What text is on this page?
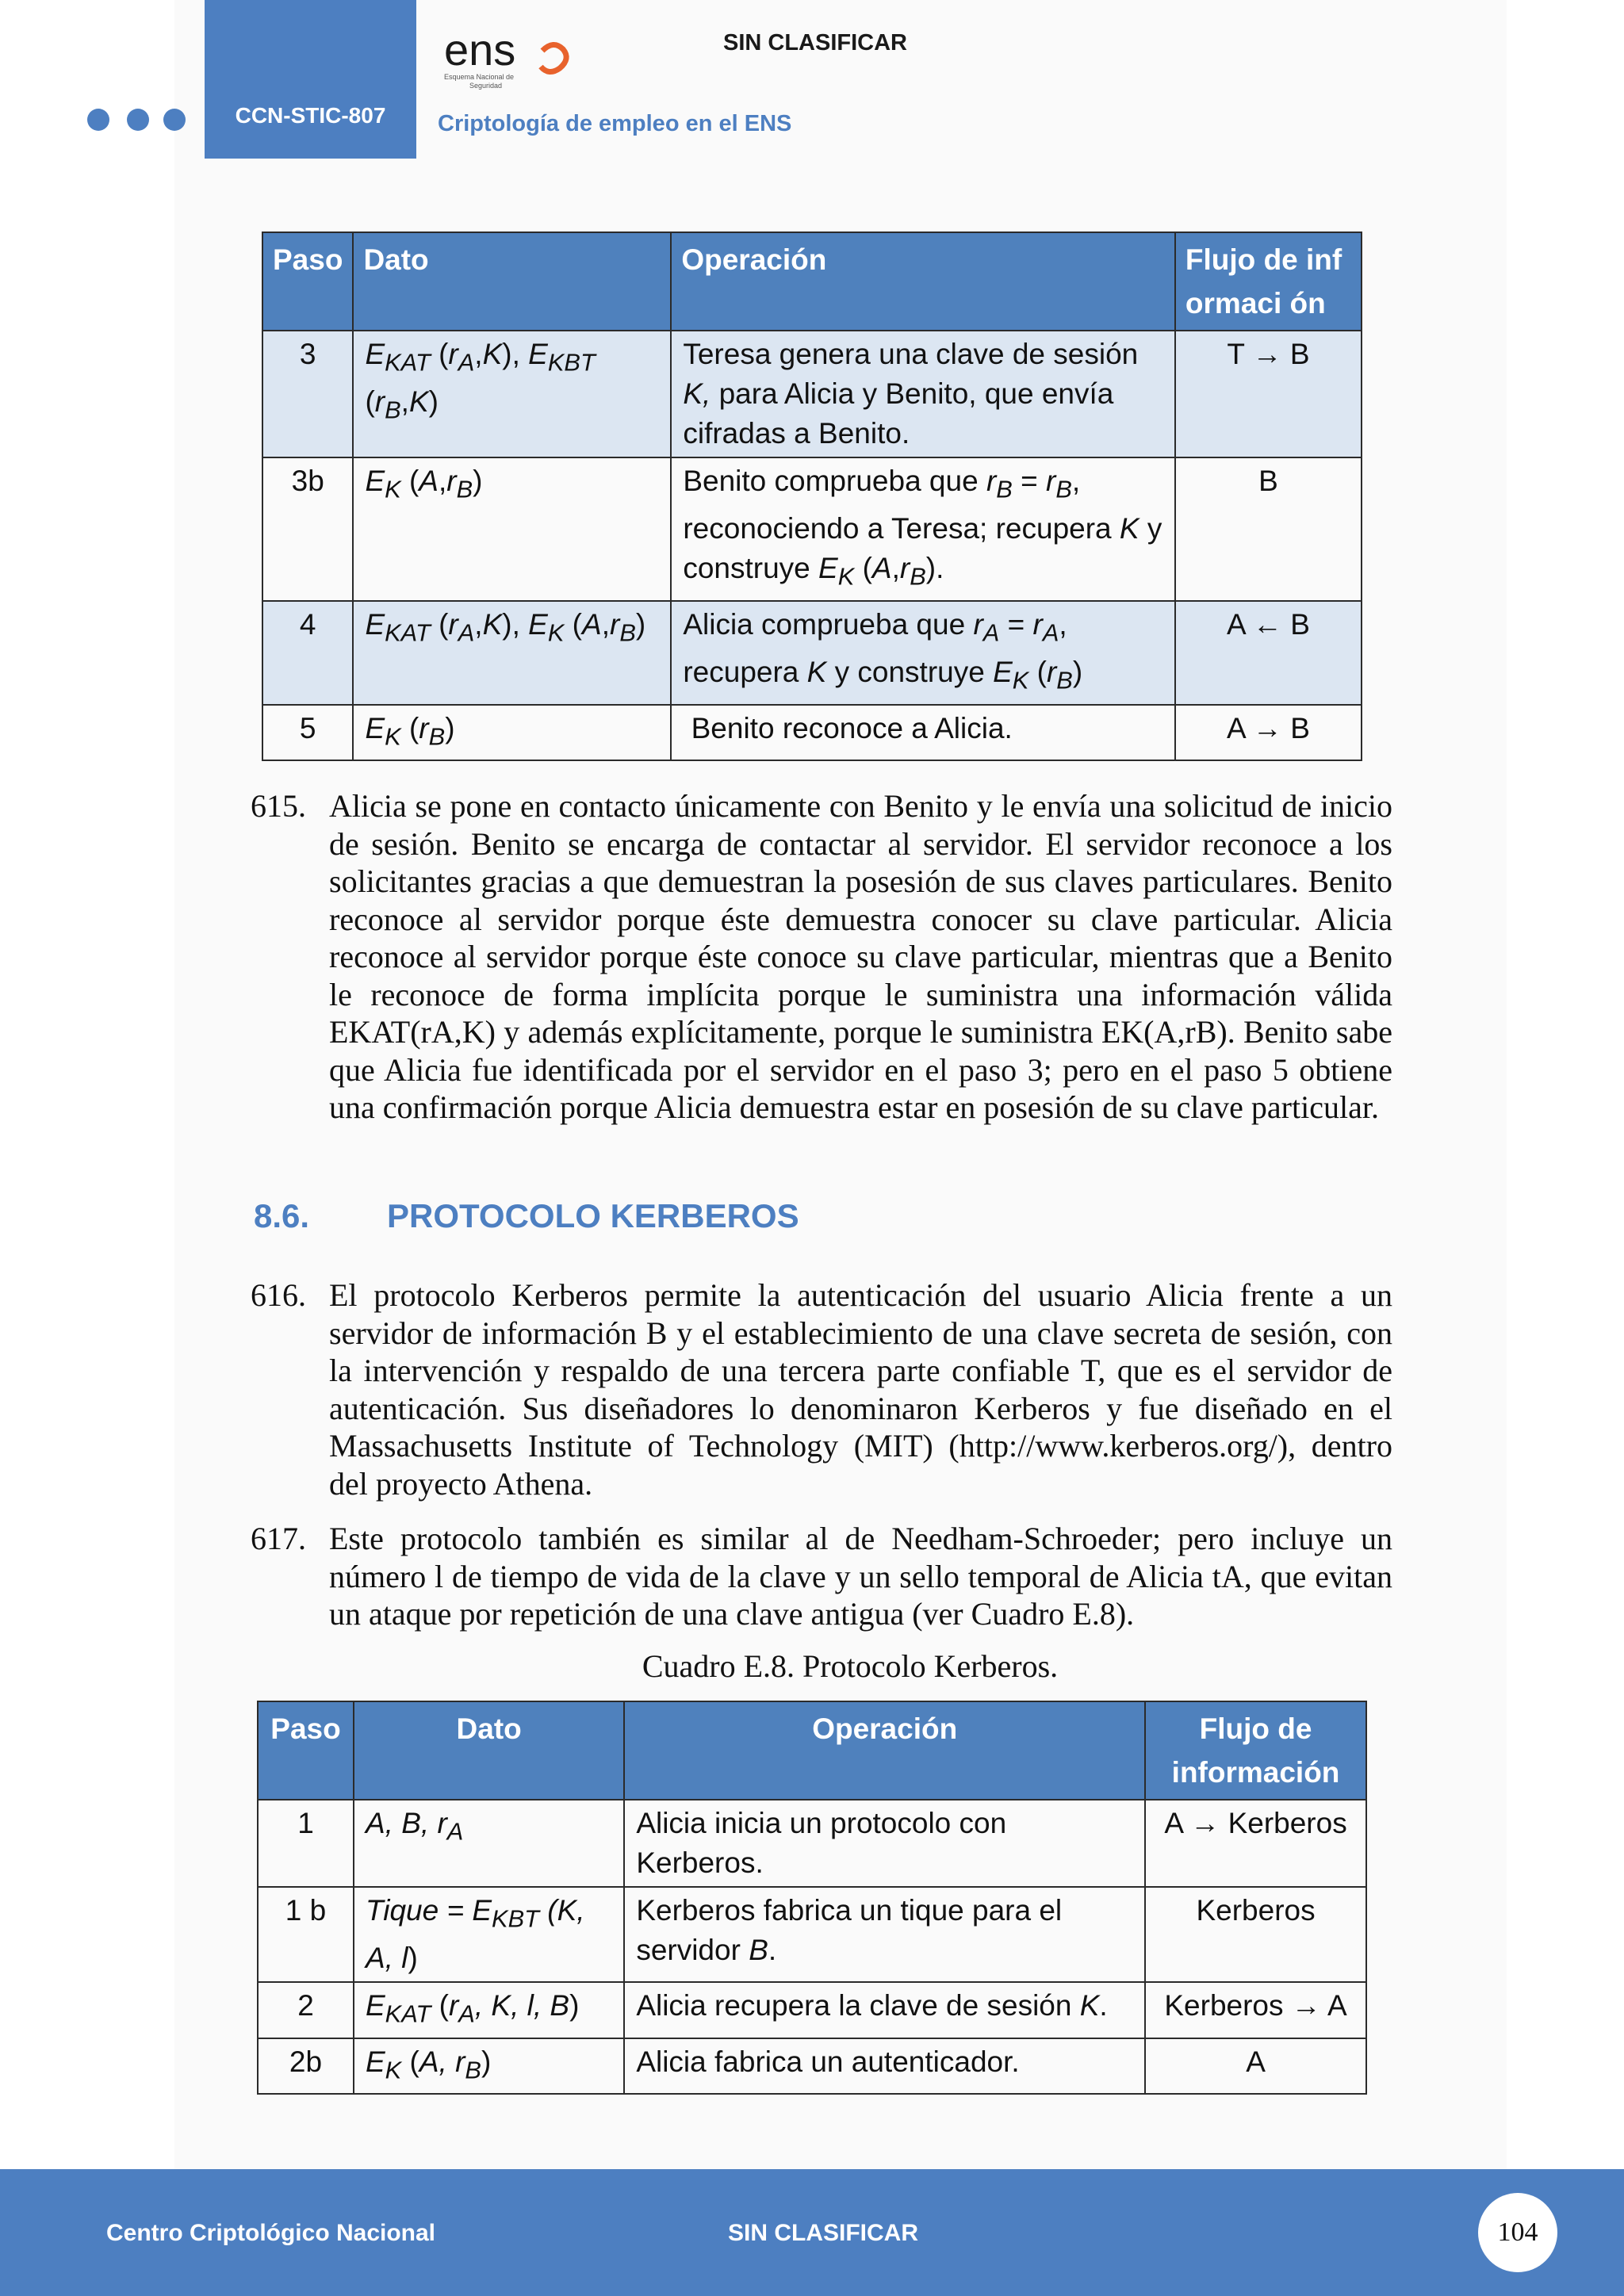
CCN-STIC-807
ens
Esquema Nacional de
Seguridad
SIN CLASIFICAR
Criptología de empleo en el ENS
Paso	Dato	Operación	Flujo de informaci ón
3	$E_{KAT}$ $(r_A,K)$, $E_{KBT}$ $(r_B,K)$	Teresa genera una clave de sesión K, para Alicia y Benito, que envía cifradas a Benito.	T → B
3b	$E_K$ $(A,r_B)$	Benito comprueba que $r_B = r_B$, reconociendo a Teresa; recupera K y construye $E_K$ $(A,r_B)$.	B
4	$E_{KAT}$ $(r_A,K)$, $E_K$ $(A,r_B)$	Alicia comprueba que $r_A = r_A$, recupera K y construye $E_K$ $(r_B)$	A ← B
5	$E_K$ $(r_B)$	Benito reconoce a Alicia.	A → B
615. Alicia se pone en contacto únicamente con Benito y le envía una solicitud de inicio de sesión. Benito se encarga de contactar al servidor. El servidor reconoce a los solicitantes gracias a que demuestran la posesión de sus claves particulares. Benito reconoce al servidor porque éste demuestra conocer su clave particular. Alicia reconoce al servidor porque éste conoce su clave particular, mientras que a Benito le reconoce de forma implícita porque le suministra una información válida EKAT(rA,K) y además explícitamente, porque le suministra EK(A,rB). Benito sabe que Alicia fue identificada por el servidor en el paso 3; pero en el paso 5 obtiene una confirmación porque Alicia demuestra estar en posesión de su clave particular.
8.6. PROTOCOLO KERBEROS
616. El protocolo Kerberos permite la autenticación del usuario Alicia frente a un servidor de información B y el establecimiento de una clave secreta de sesión, con la intervención y respaldo de una tercera parte confiable T, que es el servidor de autenticación. Sus diseñadores lo denominaron Kerberos y fue diseñado en el Massachusetts Institute of Technology (MIT) (http://www.kerberos.org/), dentro del proyecto Athena.
617. Este protocolo también es similar al de Needham-Schroeder; pero incluye un número l de tiempo de vida de la clave y un sello temporal de Alicia tA, que evitan un ataque por repetición de una clave antigua (ver Cuadro E.8).
Cuadro E.8. Protocolo Kerberos.
Paso	Dato	Operación	Flujo de información
1	A, B, $r_A$	Alicia inicia un protocolo con Kerberos.	A → Kerberos
1 b	Tique = $E_{KBT}$ (K, A, l)	Kerberos fabrica un tique para el servidor B.	Kerberos
2	$E_{KAT}$ ($r_A$, K, l, B)	Alicia recupera la clave de sesión K.	Kerberos → A
2b	$E_K$ (A, $r_B$)	Alicia fabrica un autenticador.	A
Centro Criptológico Nacional	SIN CLASIFICAR	104
